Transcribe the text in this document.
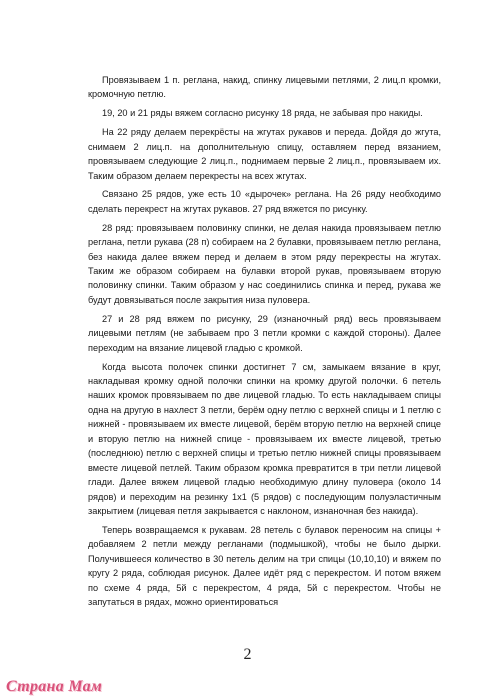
Провязываем 1 п. реглана, накид, спинку лицевыми петлями, 2 лиц.п кромки, кромочную петлю.

19, 20 и 21 ряды вяжем согласно рисунку 18 ряда, не забывая про накиды.

На 22 ряду делаем перекрёсты на жгутах рукавов и переда. Дойдя до жгута, снимаем 2 лиц.п. на дополнительную спицу, оставляем перед вязанием, провязываем следующие 2 лиц.п., поднимаем первые 2 лиц.п., провязываем их. Таким образом делаем перекресты на всех жгутах.

Связано 25 рядов, уже есть 10 «дырочек» реглана. На 26 ряду необходимо сделать перекрест на жгутах рукавов. 27 ряд вяжется по рисунку.

28 ряд: провязываем половинку спинки, не делая накида провязываем петлю реглана, петли рукава (28 п) собираем на 2 булавки, провязываем петлю реглана, без накида далее вяжем перед и делаем в этом ряду перекресты на жгутах. Таким же образом собираем на булавки второй рукав, провязываем вторую половинку спинки. Таким образом у нас соединились спинка и перед, рукава же будут довязываться после закрытия низа пуловера.

27 и 28 ряд вяжем по рисунку, 29 (изнаночный ряд) весь провязываем лицевыми петлям (не забываем про 3 петли кромки с каждой стороны). Далее переходим на вязание лицевой гладью с кромкой.

Когда высота полочек спинки достигнет 7 см, замыкаем вязание в круг, накладывая кромку одной полочки спинки на кромку другой полочки. 6 петель наших кромок провязываем по две лицевой гладью. То есть накладываем спицы одна на другую в нахлест 3 петли, берём одну петлю с верхней спицы и 1 петлю с нижней - провязываем их вместе лицевой, берём вторую петлю на верхней спице и вторую петлю на нижней спице - провязываем их вместе лицевой, третью (последнюю) петлю с верхней спицы и третью петлю нижней спицы провязываем вместе лицевой петлей. Таким образом кромка превратится в три петли лицевой глади. Далее вяжем лицевой гладью необходимую длину пуловера (около 14 рядов) и переходим на резинку 1х1 (5 рядов) с последующим полуэластичным закрытием (лицевая петля закрывается с наклоном, изнаночная без накида).

Теперь возвращаемся к рукавам. 28 петель с булавок переносим на спицы + добавляем 2 петли между регланами (подмышкой), чтобы не было дырки. Получившееся количество в 30 петель делим на три спицы (10,10,10) и вяжем по кругу 2 ряда, соблюдая рисунок. Далее идёт ряд с перекрестом. И потом вяжем по схеме 4 ряда, 5й с перекрестом, 4 ряда, 5й с перекрестом. Чтобы не запутаться в рядах, можно ориентироваться

2
Страна Мам
